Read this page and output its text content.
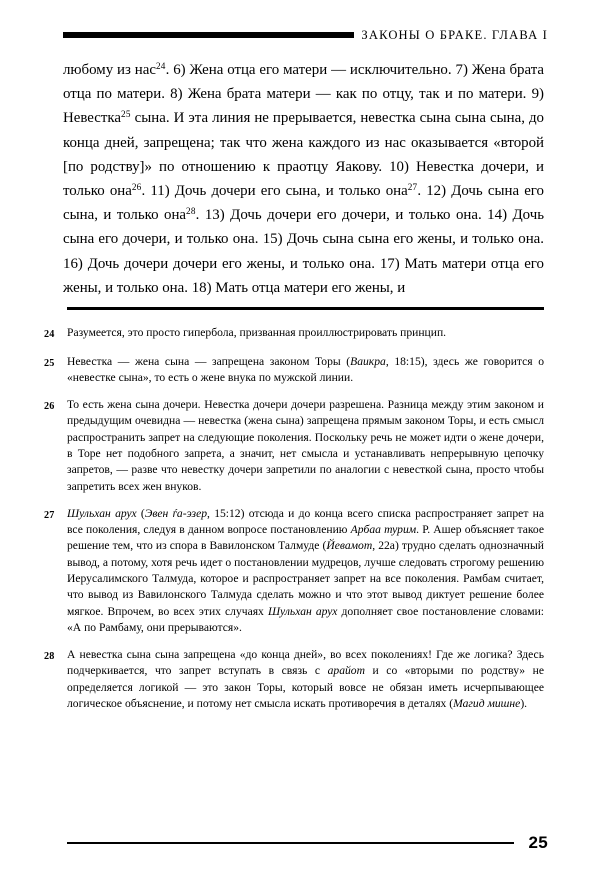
ЗАКОНЫ О БРАКЕ. ГЛАВА I

любому из нас$^{24}$. 6) Жена отца его матери — исключительно. 7) Жена брата отца по матери. 8) Жена брата матери — как по отцу, так и по матери. 9) Невестка$^{25}$ сына. И эта линия не прерывается, невестка сына сына сына, до конца дней, запрещена; так что жена каждого из нас оказывается «второй [по родству]» по отношению к праотцу Яакову. 10) Невестка дочери, и только она$^{26}$. 11) Дочь дочери его сына, и только она$^{27}$. 12) Дочь сына его сына, и только она$^{28}$. 13) Дочь дочери его дочери, и только она. 14) Дочь сына его дочери, и только она. 15) Дочь сына сына его жены, и только она. 16) Дочь дочери дочери его жены, и только она. 17) Мать матери отца его жены, и только она. 18) Мать отца матери его жены, и

24	Разумеется, это просто гипербола, призванная проиллюстрировать принцип.
25	Невестка — жена сына — запрещена законом Торы (Ваикра, 18:15), здесь же говорится о «невестке сына», то есть о жене внука по мужской линии.
26	То есть жена сына дочери. Невестка дочери дочери разрешена. Разница между этим законом и предыдущим очевидна — невестка (жена сына) запрещена прямым законом Торы, и есть смысл распространить запрет на следующие поколения. Поскольку речь не может идти о жене дочери, в Торе нет подобного запрета, а значит, нет смысла и устанавливать непрерывную цепочку запретов, — разве что невестку дочери запретили по аналогии с невесткой сына, просто чтобы запретить всех жен внуков.
27	Шульхан арух (Эвен ѓа-эзер, 15:12) отсюда и до конца всего списка распространяет запрет на все поколения, следуя в данном вопросе постановлению Арбаа турим. Р. Ашер объясняет такое решение тем, что из спора в Вавилонском Талмуде (Йевамот, 22а) трудно сделать однозначный вывод, а потому, хотя речь идет о постановлении мудрецов, лучше следовать строгому решению Иерусалимского Талмуда, которое и распространяет запрет на все поколения. Рамбам считает, что вывод из Вавилонского Талмуда сделать можно и что этот вывод диктует решение более мягкое. Впрочем, во всех этих случаях Шульхан арух дополняет свое постановление словами: «А по Рамбаму, они прерываются».
28	А невестка сына сына запрещена «до конца дней», во всех поколениях! Где же логика? Здесь подчеркивается, что запрет вступать в связь с арайот и со «вторыми по родству» не определяется логикой — это закон Торы, который вовсе не обязан иметь исчерпывающее логическое объяснение, и потому нет смысла искать противоречия в деталях (Магид мишне).
25
